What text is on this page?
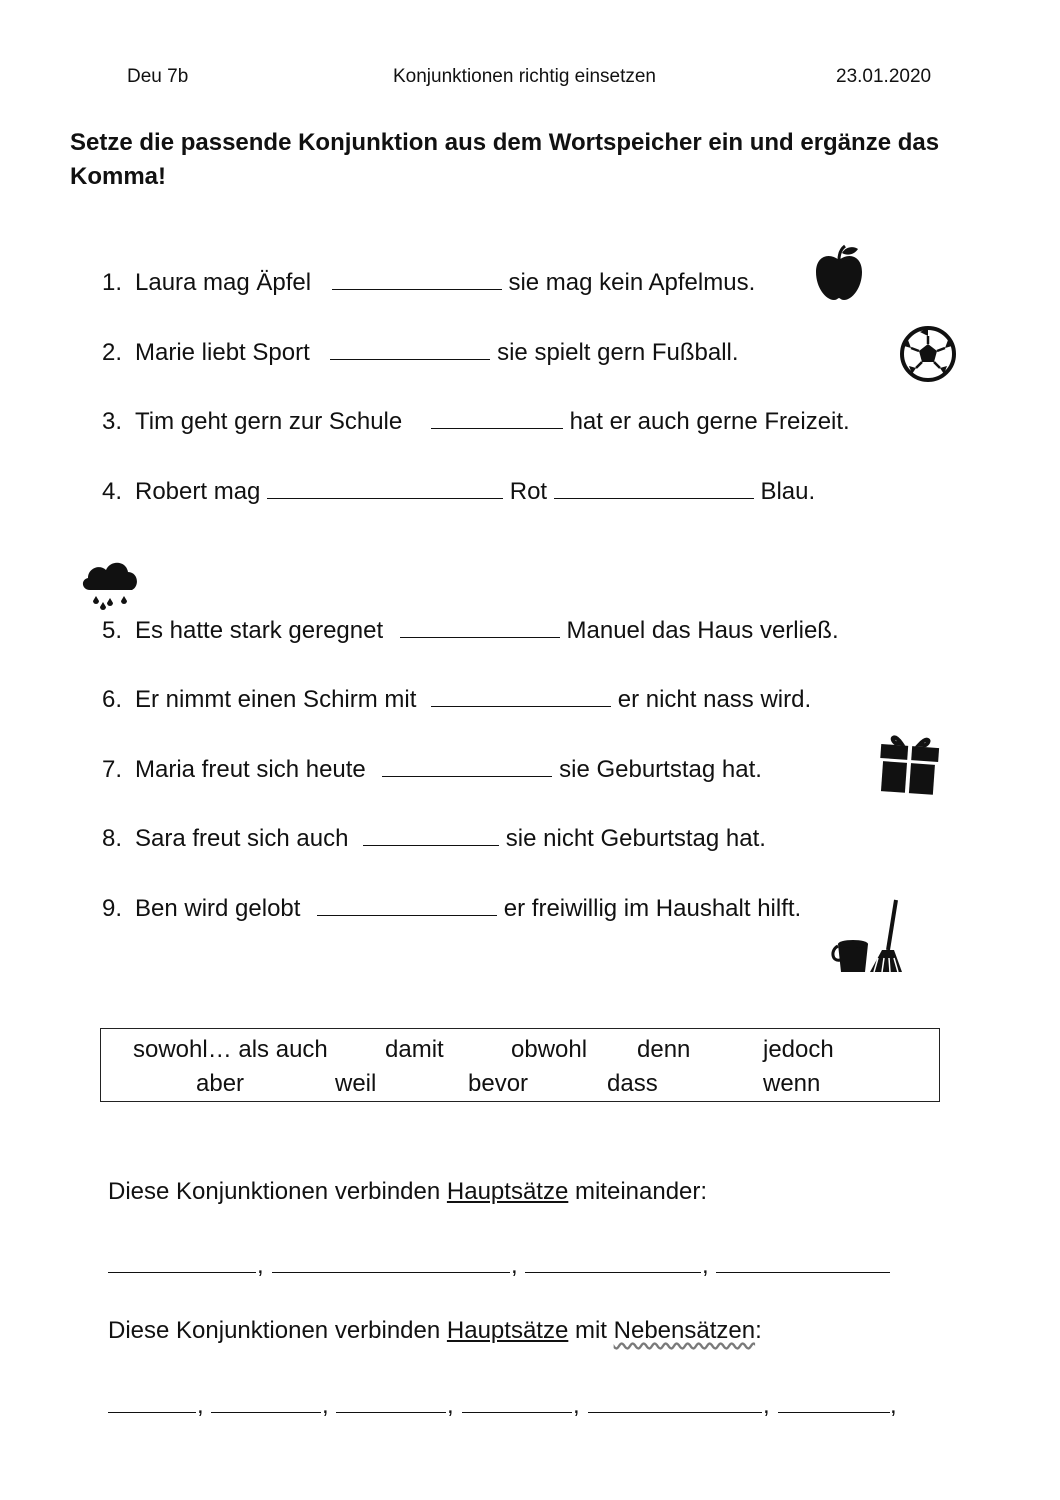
Deu 7b	Konjunktionen richtig einsetzen	23.01.2020
Setze die passende Konjunktion aus dem Wortspeicher ein und ergänze das Komma!
1. Laura mag Äpfel	sie mag kein Apfelmus.
2. Marie liebt Sport	sie spielt gern Fußball.
3. Tim geht gern zur Schule	hat er auch gerne Freizeit.
4. Robert mag	Rot	Blau.
5. Es hatte stark geregnet	Manuel das Haus verließ.
6. Er nimmt einen Schirm mit	er nicht nass wird.
7. Maria freut sich heute	sie Geburtstag hat.
8. Sara freut sich auch	sie nicht Geburtstag hat.
9. Ben wird gelobt	er freiwillig im Haushalt hilft.
sowohl… als auch damit	obwohl denn	jedoch
aber	weil	bevor	dass	wenn
Diese Konjunktionen verbinden Hauptsätze miteinander:
,	,	,
Diese Konjunktionen verbinden Hauptsätze mit Nebensätzen:
,	,	,	,	,	,
